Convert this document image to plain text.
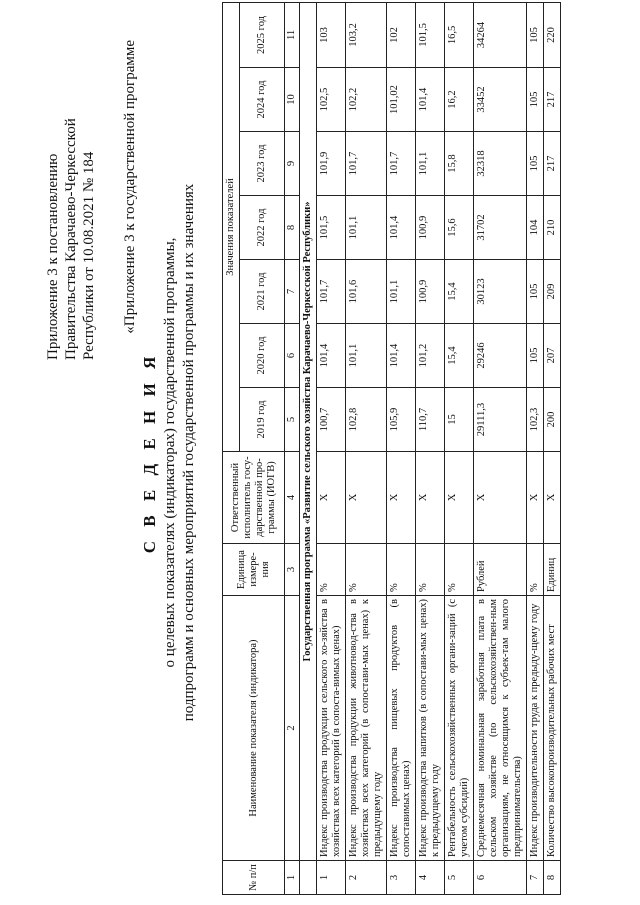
Приложение 3 к постановлению Правительства Карачаево-Черкесской Республики от 10.08.2021 № 184 «Приложение 3 к государственной программе
С В Е Д Е Н И Я о целевых показателях (индикаторах) государственной программы, подпрограмм и основных мероприятий государственной программы и их значениях
№ п/п	Наименование показателя (индикатора)	Единица измере-ния	Ответственный исполнитель госу-дарственной про-граммы (ИОГВ)	Значения показателей						
				2019 год	2020 год	2021 год	2022 год	2023 год	2024 год	2025 год
1	2	3	4	5	6	7	8	9	10	11
	Государственная программа «Развитие сельского хозяйства Карачаево-Черкесской Республики»									
1	Индекс производства продукции сельского хо-зяйства в хозяйствах всех категорий (в сопоста-вимых ценах)	%	X	100,7	101,4	101,7	101,5	101,9	102,5	103
2	Индекс производства продукции животновод-ства в хозяйствах всех категорий (в сопостави-мых ценах) к предыдущему году	%	X	102,8	101,1	101,6	101,1	101,7	102,2	103,2
3	Индекс производства пищевых продуктов (в сопоставимых ценах)	%	X	105,9	101,4	101,1	101,4	101,7	101,02	102
4	Индекс производства напитков (в сопостави-мых ценах) к предыдущему году	%	X	110,7	101,2	100,9	100,9	101,1	101,4	101,5
5	Рентабельность сельскохозяйственных органи-заций (с учетом субсидий)	%	X	15	15,4	15,4	15,6	15,8	16,2	16,5
6	Среднемесячная номинальная заработная плата в сельском хозяйстве (по сельскохозяйствен-ным организациям, не относящимся к субъек-там малого предпринимательства)	Рублей	X	29111,3	29246	30123	31702	32318	33452	34264
7	Индекс производительности труда к предыду-щему году	%	X	102,3	105	105	104	105	105	105
8	Количество высокопроизводительных рабочих мест	Единиц	X	200	207	209	210	217	217	220
